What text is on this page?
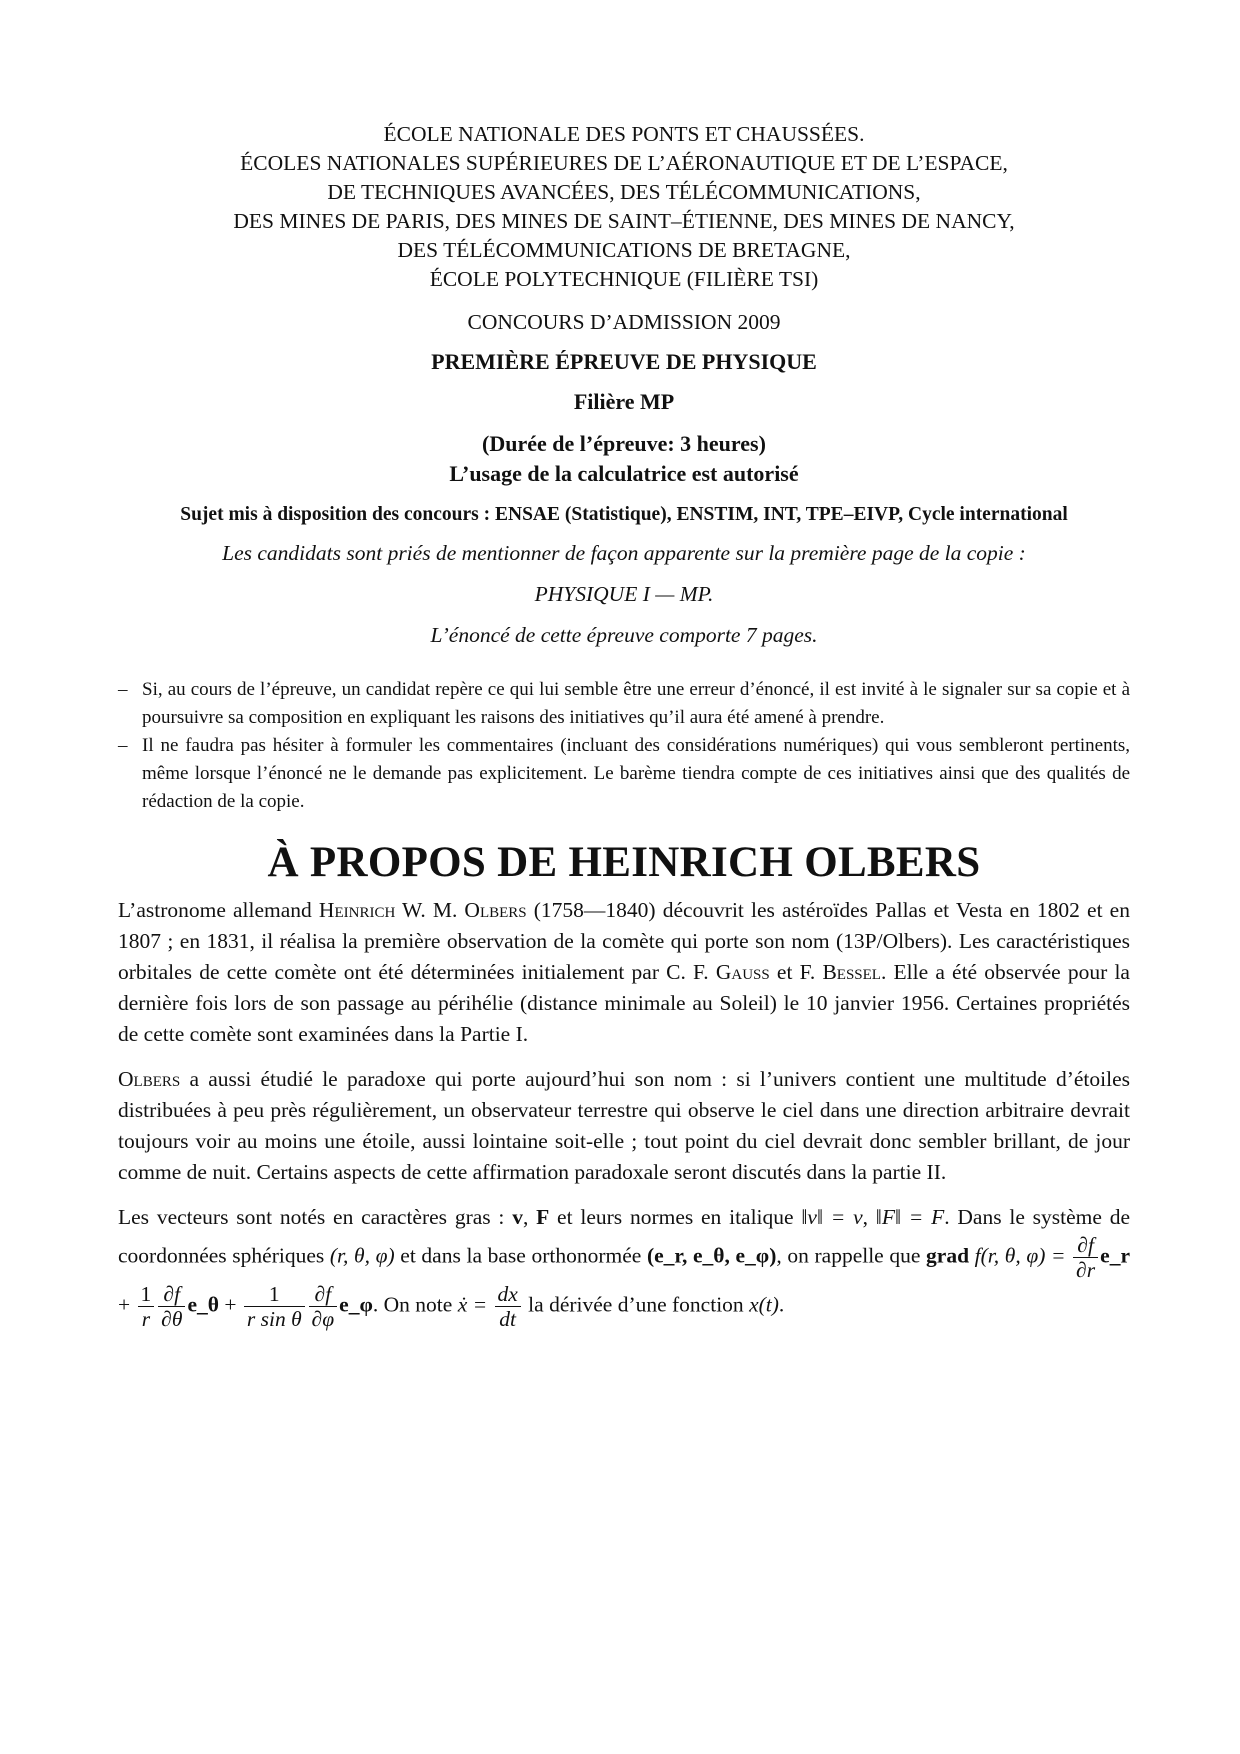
ÉCOLE NATIONALE DES PONTS ET CHAUSSÉES.
ÉCOLES NATIONALES SUPÉRIEURES DE L’AÉRONAUTIQUE ET DE L’ESPACE,
DE TECHNIQUES AVANCÉES, DES TÉLÉCOMMUNICATIONS,
DES MINES DE PARIS, DES MINES DE SAINT–ÉTIENNE, DES MINES DE NANCY,
DES TÉLÉCOMMUNICATIONS DE BRETAGNE,
ÉCOLE POLYTECHNIQUE (FILIÈRE TSI)
CONCOURS D’ADMISSION 2009
PREMIÈRE ÉPREUVE DE PHYSIQUE
Filière MP
(Durée de l’épreuve: 3 heures)
L’usage de la calculatrice est autorisé
Sujet mis à disposition des concours : ENSAE (Statistique), ENSTIM, INT, TPE–EIVP, Cycle international
Les candidats sont priés de mentionner de façon apparente sur la première page de la copie :
PHYSIQUE I — MP.
L’énoncé de cette épreuve comporte 7 pages.
– Si, au cours de l’épreuve, un candidat repère ce qui lui semble être une erreur d’énoncé, il est invité à le signaler sur sa copie et à poursuivre sa composition en expliquant les raisons des initiatives qu’il aura été amené à prendre.
– Il ne faudra pas hésiter à formuler les commentaires (incluant des considérations numériques) qui vous sembleront pertinents, même lorsque l’énoncé ne le demande pas explicitement. Le barème tiendra compte de ces initiatives ainsi que des qualités de rédaction de la copie.
À PROPOS DE HEINRICH OLBERS
L’astronome allemand Heinrich W. M. Olbers (1758—1840) découvrit les astéroïdes Pallas et Vesta en 1802 et en 1807 ; en 1831, il réalisa la première observation de la comète qui porte son nom (13P/Olbers). Les caractéristiques orbitales de cette comète ont été déterminées initialement par C. F. Gauss et F. Bessel. Elle a été observée pour la dernière fois lors de son passage au périhélie (distance minimale au Soleil) le 10 janvier 1956. Certaines propriétés de cette comète sont examinées dans la Partie I.
Olbers a aussi étudié le paradoxe qui porte aujourd’hui son nom : si l’univers contient une multitude d’étoiles distribuées à peu près régulièrement, un observateur terrestre qui observe le ciel dans une direction arbitraire devrait toujours voir au moins une étoile, aussi lointaine soit-elle ; tout point du ciel devrait donc sembler brillant, de jour comme de nuit. Certains aspects de cette affirmation paradoxale seront discutés dans la partie II.
Les vecteurs sont notés en caractères gras : v, F et leurs normes en italique ‖v‖ = v, ‖F‖ = F. Dans le système de coordonnées sphériques (r, θ, φ) et dans la base orthonormée (e_r, e_θ, e_φ), on rappelle que grad f(r, θ, $\varphi) = \frac{\partial f}{\partial r}$ e_r + $\frac{1}{r} \frac{\partial f}{\partial\theta}$ e_θ + $\frac{1}{\text{r sin θ}} \frac{\partial f}{\partial\varphi}$ e_φ. On note ẋ = $\frac{dx}{dt}$ la dérivée d’une fonction x(t).
